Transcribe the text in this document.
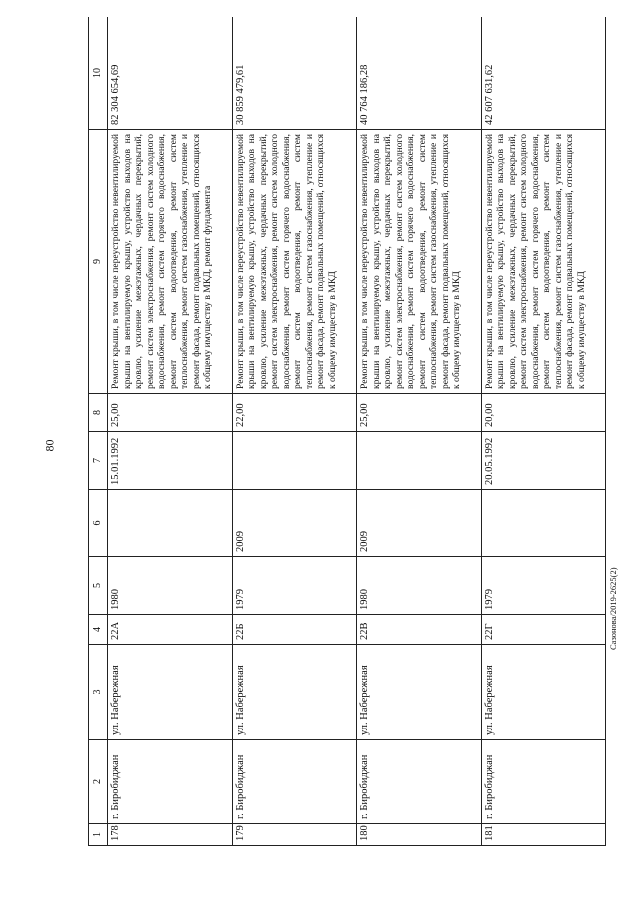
80
1	2	3	4	5	6	7	8	9	10
178	г. Биробиджан	ул. Набережная	22А	1980		15.01.1992	25,00	Ремонт крыши, в том числе переустройство невентилируемой крыши на вентилируемую крышу, устройство выходов на кровлю, усиление межэтажных, чердачных перекрытий, ремонт систем электроснабжения, ремонт систем холодного водоснабжения, ремонт систем горячего водоснабжения, ремонт систем водоотведения, ремонт систем теплоснабжения, ремонт систем газоснабжения, утепление и ремонт фасада, ремонт подвальных помещений, относящихся к общему имуществу в МКД, ремонт фундамента	82 304 654,69
179	г. Биробиджан	ул. Набережная	22Б	1979	2009		22,00	Ремонт крыши, в том числе переустройство невентилируемой крыши на вентилируемую крышу, устройство выходов на кровлю, усиление межэтажных, чердачных перекрытий, ремонт систем электроснабжения, ремонт систем холодного водоснабжения, ремонт систем горячего водоснабжения, ремонт систем водоотведения, ремонт систем теплоснабжения, ремонт систем газоснабжения, утепление и ремонт фасада, ремонт подвальных помещений, относящихся к общему имуществу в МКД	30 859 479,61
180	г. Биробиджан	ул. Набережная	22В	1980	2009		25,00	Ремонт крыши, в том числе переустройство невентилируемой крыши на вентилируемую крышу, устройство выходов на кровлю, усиление межэтажных, чердачных перекрытий, ремонт систем электроснабжения, ремонт систем холодного водоснабжения, ремонт систем горячего водоснабжения, ремонт систем водоотведения, ремонт систем теплоснабжения, ремонт систем газоснабжения, утепление и ремонт фасада, ремонт подвальных помещений, относящихся к общему имуществу в МКД	40 764 186,28
181	г. Биробиджан	ул. Набережная	22Г	1979		20.05.1992	20,00	Ремонт крыши, в том числе переустройство невентилируемой крыши на вентилируемую крышу, устройство выходов на кровлю, усиление межэтажных, чердачных перекрытий, ремонт систем электроснабжения, ремонт систем холодного водоснабжения, ремонт систем горячего водоснабжения, ремонт систем водоотведения, ремонт систем теплоснабжения, ремонт систем газоснабжения, утепление и ремонт фасада, ремонт подвальных помещений, относящихся к общему имуществу в МКД	42 607 631,62
Сазонова/2019-2625(2)
